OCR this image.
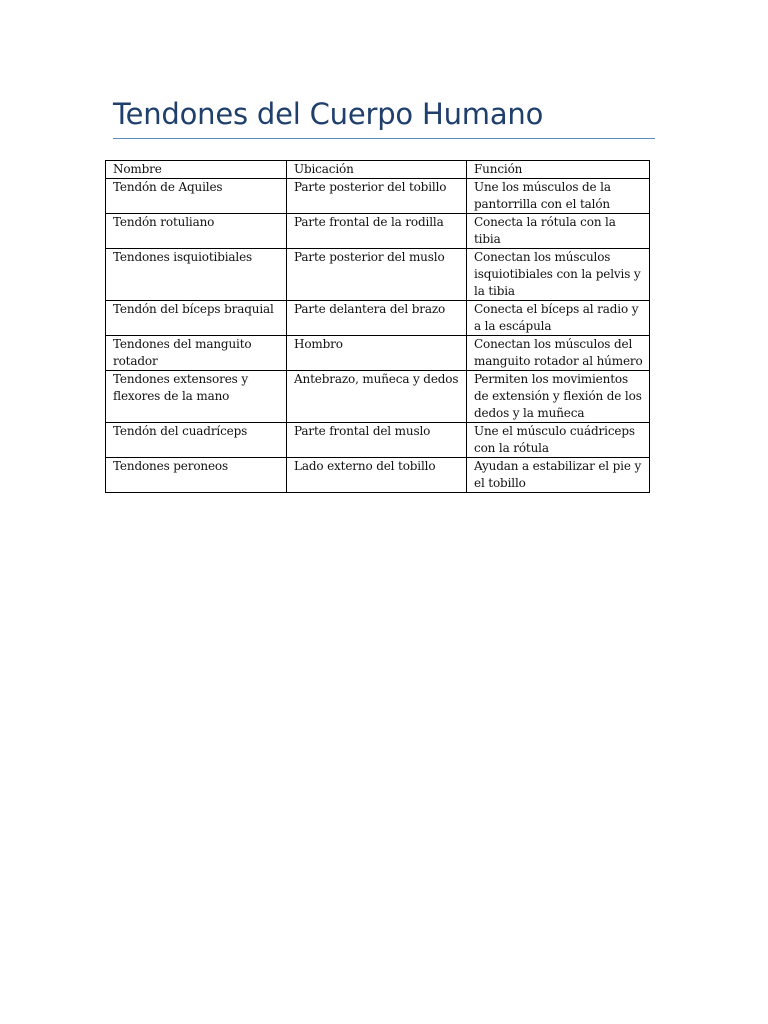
Tendones del Cuerpo Humano
Nombre	Ubicación	Función
Tendón de Aquiles	Parte posterior del tobillo	Une los músculos de la pantorrilla con el talón
Tendón rotuliano	Parte frontal de la rodilla	Conecta la rótula con la tibia
Tendones isquiotibiales	Parte posterior del muslo	Conectan los músculos isquiotibiales con la pelvis y la tibia
Tendón del bíceps braquial	Parte delantera del brazo	Conecta el bíceps al radio y a la escápula
Tendones del manguito rotador	Hombro	Conectan los músculos del manguito rotador al húmero
Tendones extensores y flexores de la mano	Antebrazo, muñeca y dedos	Permiten los movimientos de extensión y flexión de los dedos y la muñeca
Tendón del cuadríceps	Parte frontal del muslo	Une el músculo cuádriceps con la rótula
Tendones peroneos	Lado externo del tobillo	Ayudan a estabilizar el pie y el tobillo
